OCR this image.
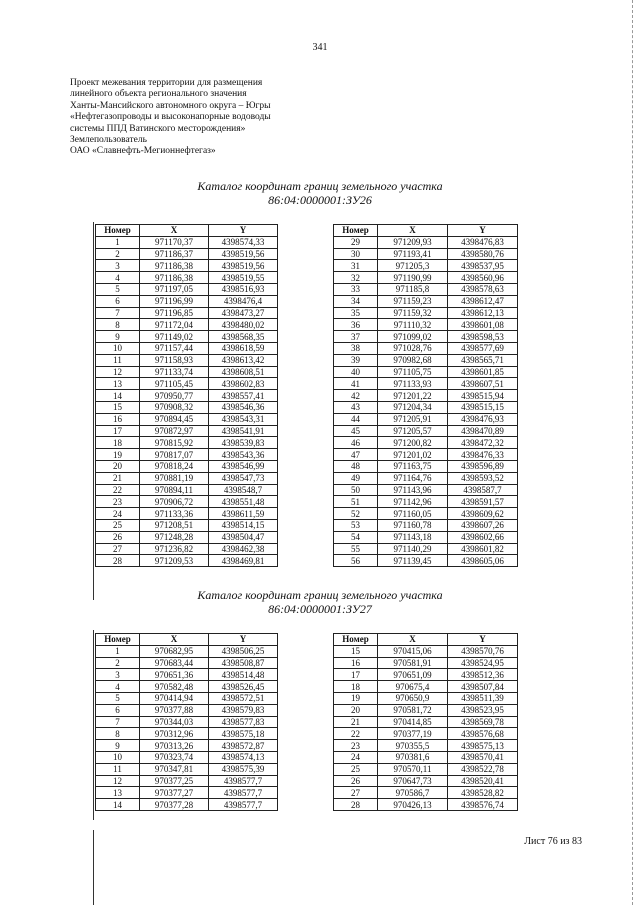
341
Проект межевания территории для размещения
линейного объекта регионального значения
Ханты-Мансийского автономного округа – Югры
«Нефтегазопроводы и высоконапорные водоводы
системы ППД Ватинского месторождения»
Землепользователь
ОАО «Славнефть-Мегионнефтегаз»
Каталог координат границ земельного участка
86:04:0000001:ЗУ26
Номер	X	Y
1	971170,37	4398574,33
2	971186,37	4398519,56
3	971186,38	4398519,56
4	971186,38	4398519,55
5	971197,05	4398516,93
6	971196,99	4398476,4
7	971196,85	4398473,27
8	971172,04	4398480,02
9	971149,02	4398568,35
10	971157,44	4398618,59
11	971158,93	4398613,42
12	971133,74	4398608,51
13	971105,45	4398602,83
14	970950,77	4398557,41
15	970908,32	4398546,36
16	970894,45	4398543,31
17	970872,97	4398541,91
18	970815,92	4398539,83
19	970817,07	4398543,36
20	970818,24	4398546,99
21	970881,19	4398547,73
22	970894,11	4398548,7
23	970906,72	4398551,48
24	971133,36	4398611,59
25	971208,51	4398514,15
26	971248,28	4398504,47
27	971236,82	4398462,38
28	971209,53	4398469,81
Номер	X	Y
29	971209,93	4398476,83
30	971193,41	4398580,76
31	971205,3	4398537,95
32	971190,99	4398560,96
33	971185,8	4398578,63
34	971159,23	4398612,47
35	971159,32	4398612,13
36	971110,32	4398601,08
37	971099,02	4398598,53
38	971028,76	4398577,69
39	970982,68	4398565,71
40	971105,75	4398601,85
41	971133,93	4398607,51
42	971201,22	4398515,94
43	971204,34	4398515,15
44	971205,91	4398476,93
45	971205,57	4398470,89
46	971200,82	4398472,32
47	971201,02	4398476,33
48	971163,75	4398596,89
49	971164,76	4398593,52
50	971143,96	4398587,7
51	971142,96	4398591,57
52	971160,05	4398609,62
53	971160,78	4398607,26
54	971143,18	4398602,66
55	971140,29	4398601,82
56	971139,45	4398605,06
Каталог координат границ земельного участка
86:04:0000001:ЗУ27
Номер	X	Y
1	970682,95	4398506,25
2	970683,44	4398508,87
3	970651,36	4398514,48
4	970582,48	4398526,45
5	970414,94	4398572,51
6	970377,88	4398579,83
7	970344,03	4398577,83
8	970312,96	4398575,18
9	970313,26	4398572,87
10	970323,74	4398574,13
11	970347,81	4398575,39
12	970377,25	4398577,7
13	970377,27	4398577,7
14	970377,28	4398577,7
Номер	X	Y
15	970415,06	4398570,76
16	970581,91	4398524,95
17	970651,09	4398512,36
18	970675,4	4398507,84
19	970650,9	4398511,39
20	970581,72	4398523,95
21	970414,85	4398569,78
22	970377,19	4398576,68
23	970355,5	4398575,13
24	970381,6	4398570,41
25	970570,11	4398522,78
26	970647,73	4398520,41
27	970586,7	4398528,82
28	970426,13	4398576,74
Лист 76 из 83
